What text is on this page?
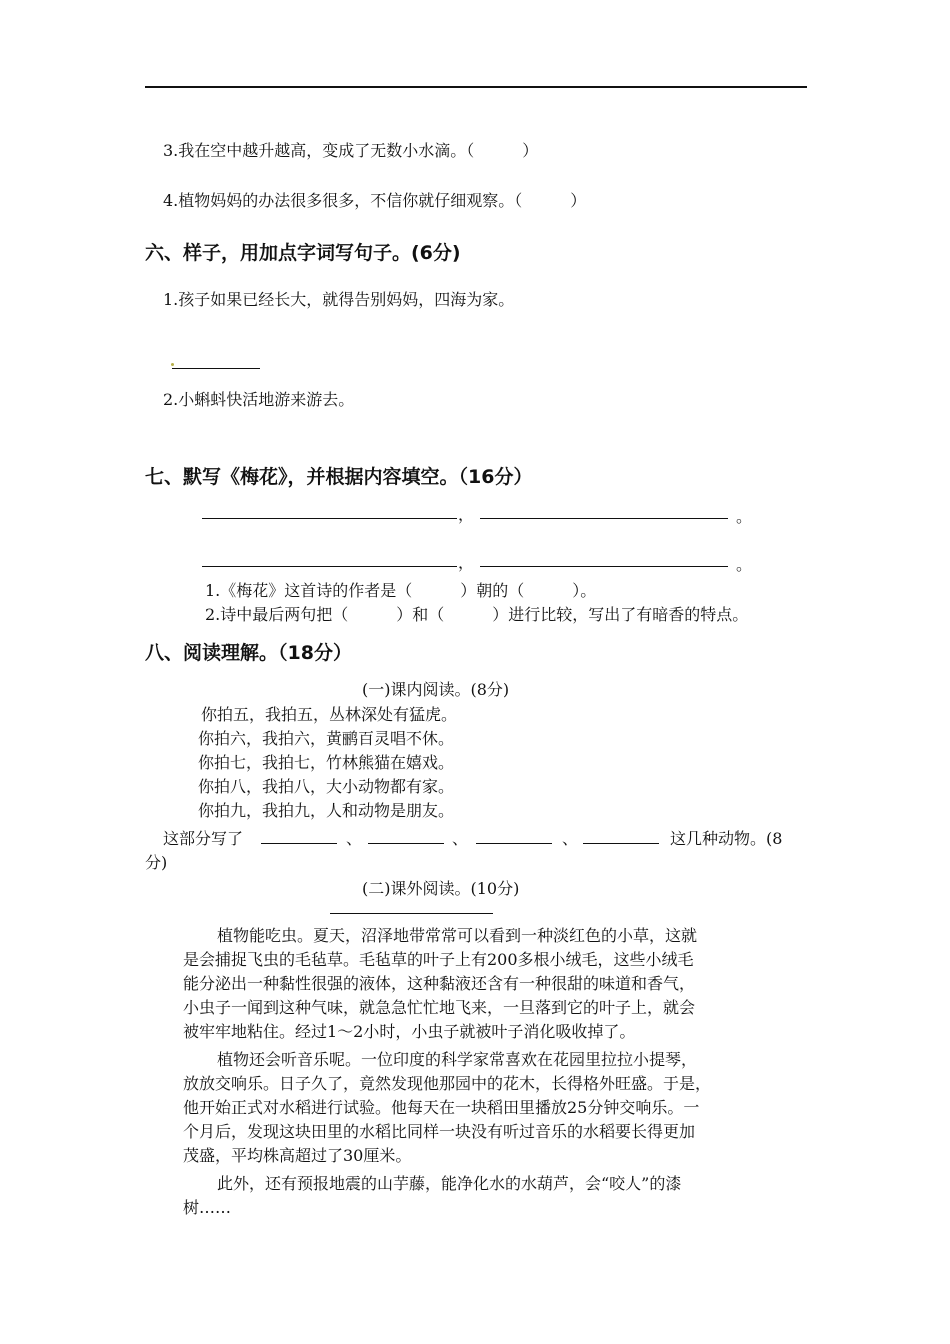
3.我在空中越升越高，变成了无数小水滴。（　　　）
4.植物妈妈的办法很多很多，不信你就仔细观察。（　　　）
六、样子，用加点字词写句子。(6分)
1.孩子如果已经长大，就得告别妈妈，四海为家。
2.小蝌蚪快活地游来游去。
七、默写《梅花》，并根据内容填空。（16分）
，	。
，	。
1.《梅花》这首诗的作者是（　　　）朝的（　　　）。
2.诗中最后两句把（　　　）和（　　　）进行比较，写出了有暗香的特点。
八、阅读理解。（18分）
(一)课内阅读。(8分)
你拍五，我拍五，丛林深处有猛虎。
你拍六，我拍六，黄鹂百灵唱不休。
你拍七，我拍七，竹林熊猫在嬉戏。
你拍八，我拍八，大小动物都有家。
你拍九，我拍九，人和动物是朋友。
这部分写了	、	、	、	这几种动物。(8
分)
(二)课外阅读。(10分)
植物能吃虫。夏天，沼泽地带常常可以看到一种淡红色的小草，这就
是会捕捉飞虫的毛毡草。毛毡草的叶子上有200多根小绒毛，这些小绒毛
能分泌出一种黏性很强的液体，这种黏液还含有一种很甜的味道和香气，
小虫子一闻到这种气味，就急急忙忙地飞来，一旦落到它的叶子上，就会
被牢牢地粘住。经过1～2小时，小虫子就被叶子消化吸收掉了。
植物还会听音乐呢。一位印度的科学家常喜欢在花园里拉拉小提琴，
放放交响乐。日子久了，竟然发现他那园中的花木，长得格外旺盛。于是，
他开始正式对水稻进行试验。他每天在一块稻田里播放25分钟交响乐。一
个月后，发现这块田里的水稻比同样一块没有听过音乐的水稻要长得更加
茂盛，平均株高超过了30厘米。
此外，还有预报地震的山芋藤，能净化水的水葫芦，会“咬人”的漆
树……
